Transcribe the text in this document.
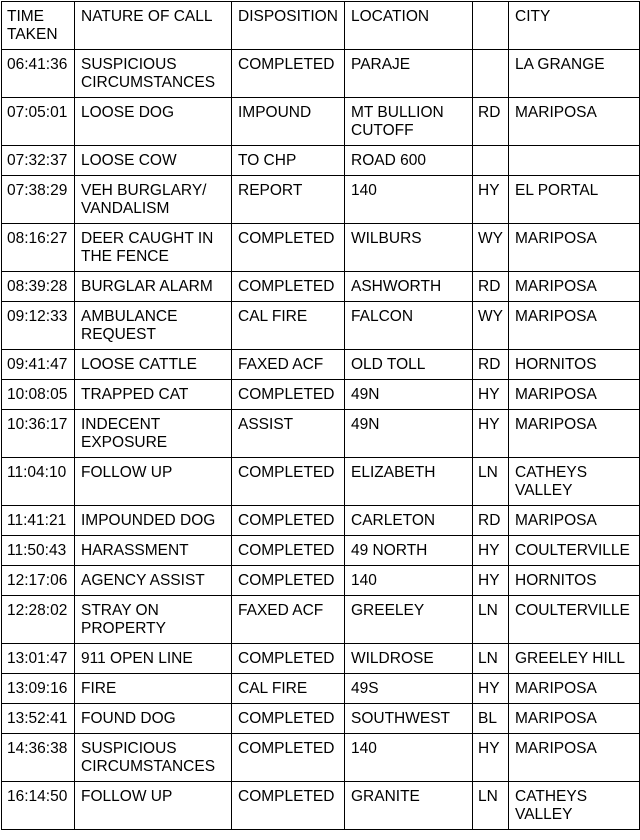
TIME TAKEN	NATURE OF CALL	DISPOSITION	LOCATION		CITY
06:41:36	SUSPICIOUS CIRCUMSTANCES	COMPLETED	PARAJE		LA GRANGE
07:05:01	LOOSE DOG	IMPOUND	MT BULLION CUTOFF	RD	MARIPOSA
07:32:37	LOOSE COW	TO CHP	ROAD 600		
07:38:29	VEH BURGLARY/ VANDALISM	REPORT	140	HY	EL PORTAL
08:16:27	DEER CAUGHT IN THE FENCE	COMPLETED	WILBURS	WY	MARIPOSA
08:39:28	BURGLAR ALARM	COMPLETED	ASHWORTH	RD	MARIPOSA
09:12:33	AMBULANCE REQUEST	CAL FIRE	FALCON	WY	MARIPOSA
09:41:47	LOOSE CATTLE	FAXED ACF	OLD TOLL	RD	HORNITOS
10:08:05	TRAPPED CAT	COMPLETED	49N	HY	MARIPOSA
10:36:17	INDECENT EXPOSURE	ASSIST	49N	HY	MARIPOSA
11:04:10	FOLLOW UP	COMPLETED	ELIZABETH	LN	CATHEYS VALLEY
11:41:21	IMPOUNDED DOG	COMPLETED	CARLETON	RD	MARIPOSA
11:50:43	HARASSMENT	COMPLETED	49 NORTH	HY	COULTERVILLE
12:17:06	AGENCY ASSIST	COMPLETED	140	HY	HORNITOS
12:28:02	STRAY ON PROPERTY	FAXED ACF	GREELEY	LN	COULTERVILLE
13:01:47	911 OPEN LINE	COMPLETED	WILDROSE	LN	GREELEY HILL
13:09:16	FIRE	CAL FIRE	49S	HY	MARIPOSA
13:52:41	FOUND DOG	COMPLETED	SOUTHWEST	BL	MARIPOSA
14:36:38	SUSPICIOUS CIRCUMSTANCES	COMPLETED	140	HY	MARIPOSA
16:14:50	FOLLOW UP	COMPLETED	GRANITE	LN	CATHEYS VALLEY
